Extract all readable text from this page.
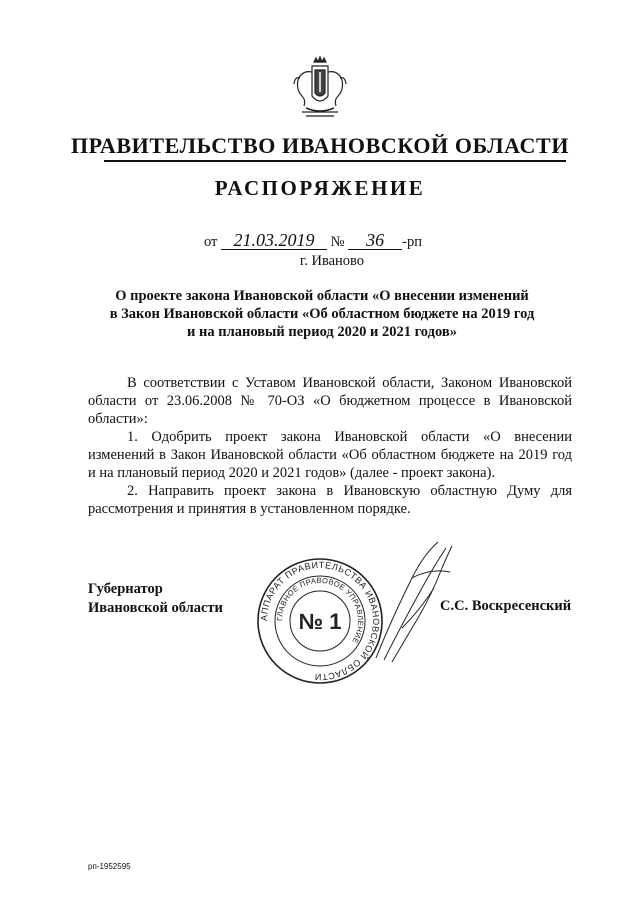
ПРАВИТЕЛЬСТВО ИВАНОВСКОЙ ОБЛАСТИ
РАСПОРЯЖЕНИЕ
от 21.03.2019 № 36 -рп
г. Иваново
О проекте закона Ивановской области «О внесении изменений
в Закон Ивановской области «Об областном бюджете на 2019 год
и на плановый период 2020 и 2021 годов»

В соответствии с Уставом Ивановской области, Законом Ивановской области от 23.06.2008 № 70-ОЗ «О бюджетном процессе в Ивановской области»:

1. Одобрить проект закона Ивановской области «О внесении изменений в Закон Ивановской области «Об областном бюджете на 2019 год и на плановый период 2020 и 2021 годов» (далее - проект закона).

2. Направить проект закона в Ивановскую областную Думу для рассмотрения и принятия в установленном порядке.

Губернатор
Ивановской области
АППАРАТ ПРАВИТЕЛЬСТВА ИВАНОВСКОЙ ОБЛАСТИ
ГЛАВНОЕ ПРАВОВОЕ УПРАВЛЕНИЕ
№ 1
С.С. Воскресенский
рп-1952595
